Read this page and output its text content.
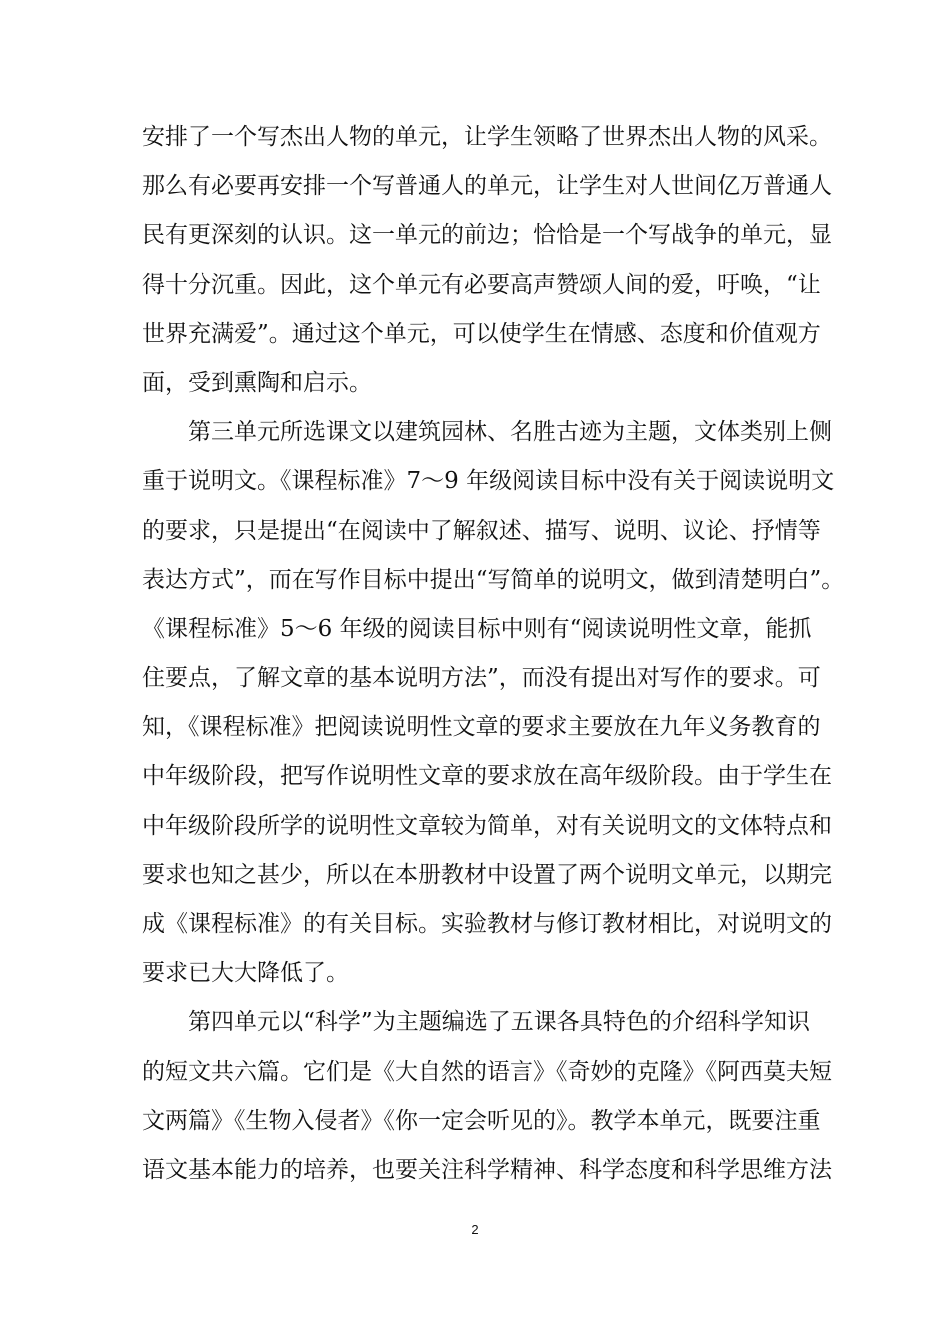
安排了一个写杰出人物的单元，让学生领略了世界杰出人物的风采。
那么有必要再安排一个写普通人的单元，让学生对人世间亿万普通人
民有更深刻的认识。这一单元的前边；恰恰是一个写战争的单元，显
得十分沉重。因此，这个单元有必要高声赞颂人间的爱，吁唤，“让
世界充满爱”。通过这个单元，可以使学生在情感、态度和价值观方
面，受到熏陶和启示。
第三单元所选课文以建筑园林、名胜古迹为主题，文体类别上侧
重于说明文。《课程标准》7～9 年级阅读目标中没有关于阅读说明文
的要求，只是提出“在阅读中了解叙述、描写、说明、议论、抒情等
表达方式”，而在写作目标中提出“写简单的说明文，做到清楚明白”。
《课程标准》5～6 年级的阅读目标中则有“阅读说明性文章，能抓
住要点，了解文章的基本说明方法”，而没有提出对写作的要求。可
知，《课程标准》把阅读说明性文章的要求主要放在九年义务教育的
中年级阶段，把写作说明性文章的要求放在高年级阶段。由于学生在
中年级阶段所学的说明性文章较为简单，对有关说明文的文体特点和
要求也知之甚少，所以在本册教材中设置了两个说明文单元，以期完
成《课程标准》的有关目标。实验教材与修订教材相比，对说明文的
要求已大大降低了。
第四单元以“科学”为主题编选了五课各具特色的介绍科学知识
的短文共六篇。它们是《大自然的语言》《奇妙的克隆》《阿西莫夫短
文两篇》《生物入侵者》《你一定会听见的》。教学本单元，既要注重
语文基本能力的培养，也要关注科学精神、科学态度和科学思维方法
2
